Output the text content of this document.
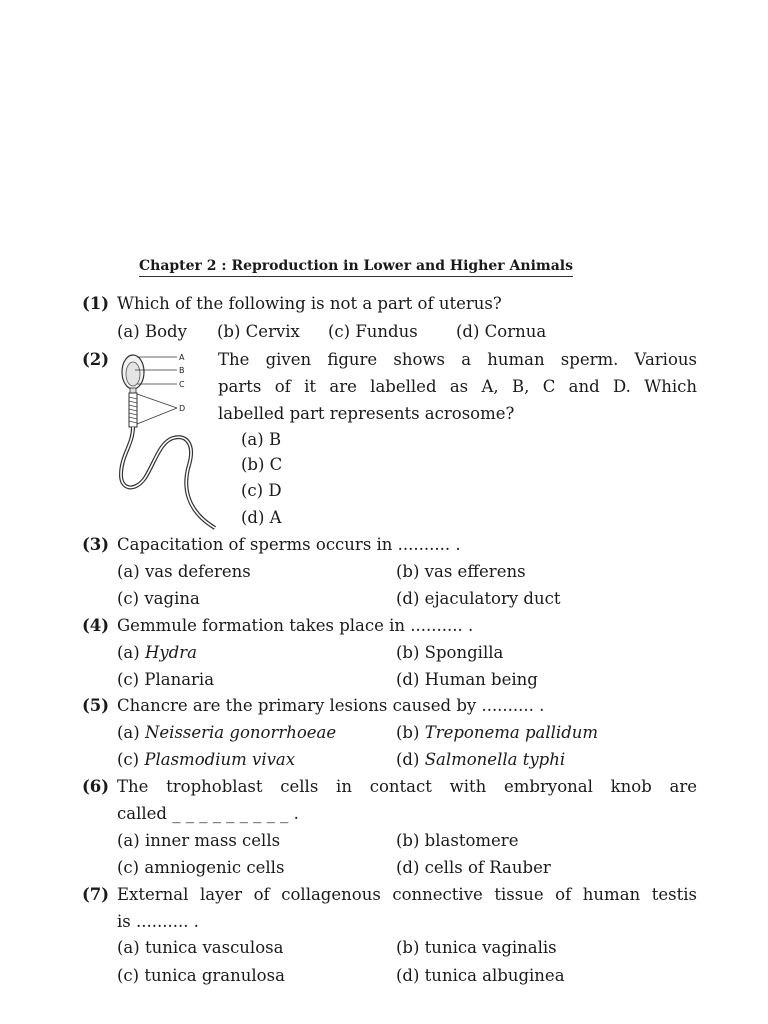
Chapter 2 : Reproduction in Lower and Higher Animals
(1) Which of the following is not a part of uterus?
(a) Body (b) Cervix (c) Fundus (d) Cornua
(2)	A
B
C
D
The given figure shows a human sperm. Various
parts of it are labelled as A, B, C and D. Which
labelled part represents acrosome?
(a) B
(b) C
(c) D
(d) A
(3) Capacitation of sperms occurs in .......... .
(a) vas deferens	(b) vas efferens
(c) vagina	(d) ejaculatory duct
(4) Gemmule formation takes place in .......... .
(a) Hydra	(b) Spongilla
(c) Planaria	(d) Human being
(5) Chancre are the primary lesions caused by .......... .
(a) Neisseria gonorrhoeae	(b) Treponema pallidum
(c) Plasmodium vivax	(d) Salmonella typhi
(6) The trophoblast cells in contact with embryonal knob are
called _ _ _ _ _ _ _ _ _ .
(a) inner mass cells	(b) blastomere
(c) amniogenic cells	(d) cells of Rauber
(7) External layer of collagenous connective tissue of human testis
is .......... .
(a) tunica vasculosa	(b) tunica vaginalis
(c) tunica granulosa	(d) tunica albuginea
